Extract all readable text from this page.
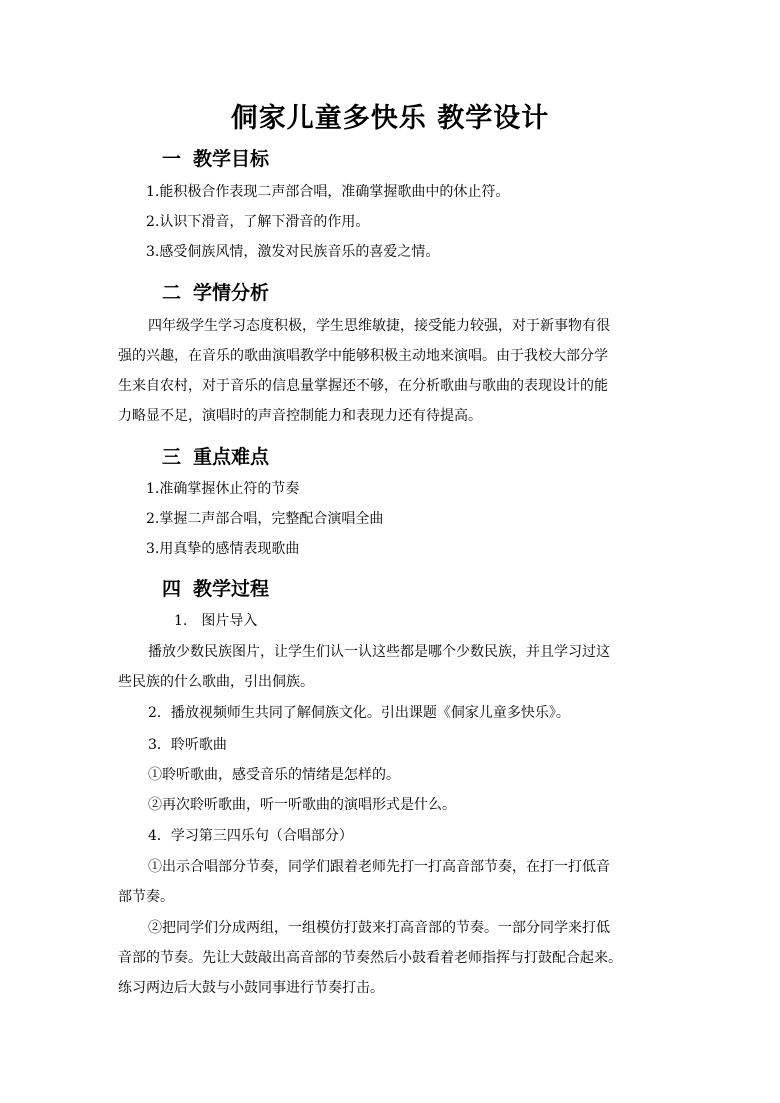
侗家儿童多快乐 教学设计
一 教学目标
1.能积极合作表现二声部合唱，准确掌握歌曲中的休止符。
2.认识下滑音，了解下滑音的作用。
3.感受侗族风情，激发对民族音乐的喜爱之情。
二 学情分析
四年级学生学习态度积极，学生思维敏捷，接受能力较强，对于新事物有很
强的兴趣，在音乐的歌曲演唱教学中能够积极主动地来演唱。由于我校大部分学
生来自农村，对于音乐的信息量掌握还不够，在分析歌曲与歌曲的表现设计的能
力略显不足，演唱时的声音控制能力和表现力还有待提高。
三 重点难点
1.准确掌握休止符的节奏
2.掌握二声部合唱，完整配合演唱全曲
3.用真挚的感情表现歌曲
四 教学过程
1.　图片导入
播放少数民族图片，让学生们认一认这些都是哪个少数民族，并且学习过这
些民族的什么歌曲，引出侗族。
2．播放视频师生共同了解侗族文化。引出课题《侗家儿童多快乐》。
3．聆听歌曲
①聆听歌曲，感受音乐的情绪是怎样的。
②再次聆听歌曲，听一听歌曲的演唱形式是什么。
4．学习第三四乐句（合唱部分）
①出示合唱部分节奏，同学们跟着老师先打一打高音部节奏，在打一打低音
部节奏。
②把同学们分成两组，一组模仿打鼓来打高音部的节奏。一部分同学来打低
音部的节奏。先让大鼓敲出高音部的节奏然后小鼓看着老师指挥与打鼓配合起来。
练习两边后大鼓与小鼓同事进行节奏打击。
